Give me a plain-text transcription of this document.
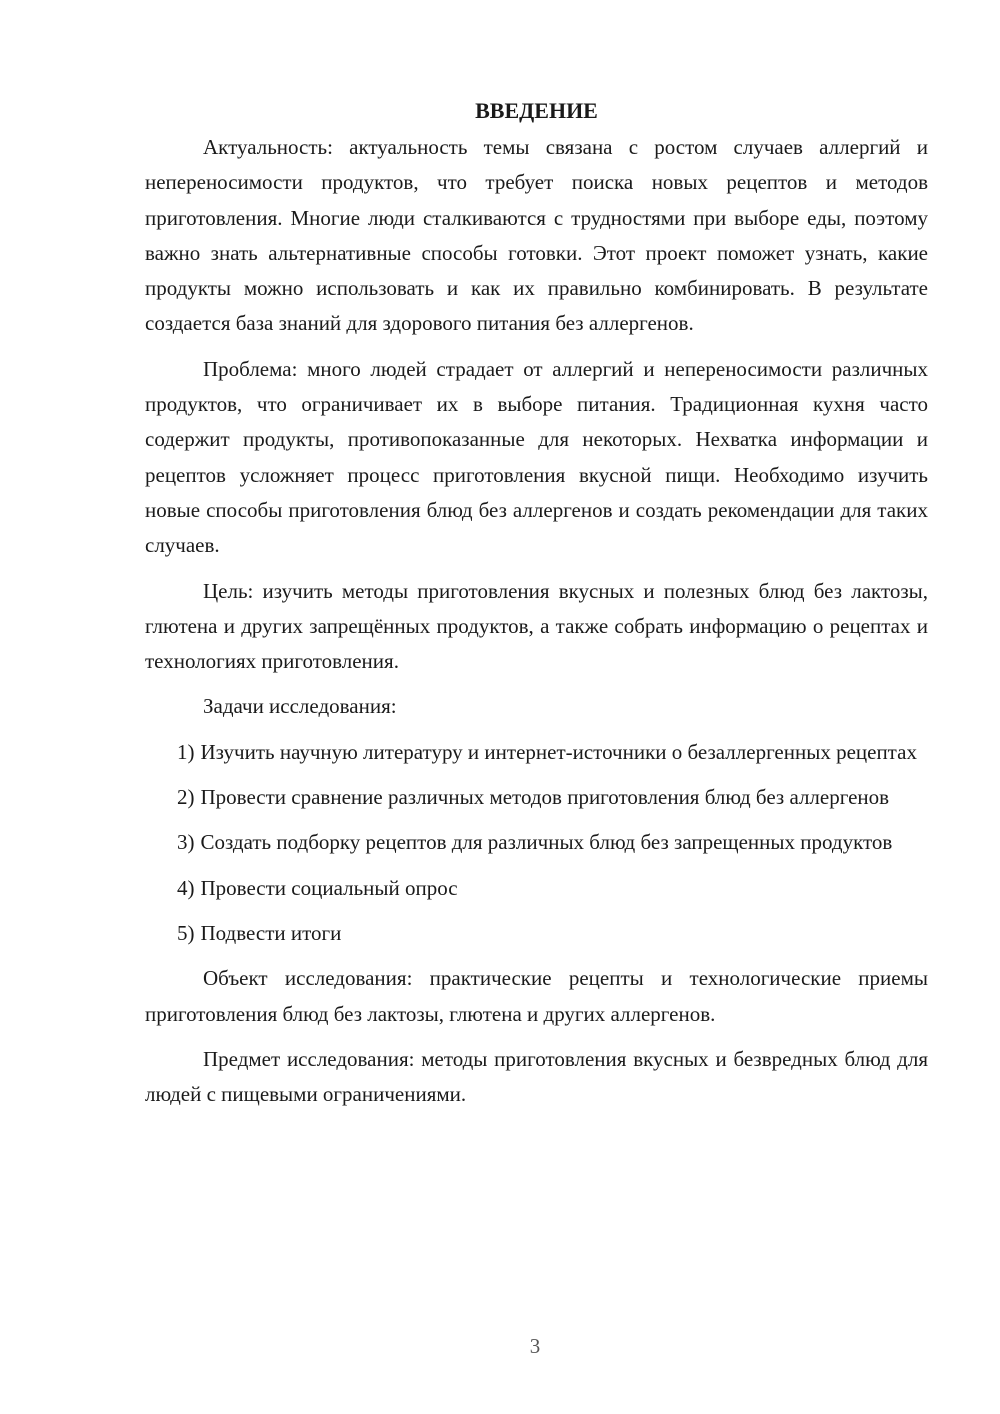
ВВЕДЕНИЕ

Актуальность: актуальность темы связана с ростом случаев аллергий и непереносимости продуктов, что требует поиска новых рецептов и методов приготовления. Многие люди сталкиваются с трудностями при выборе еды, поэтому важно знать альтернативные способы готовки. Этот проект поможет узнать, какие продукты можно использовать и как их правильно комбинировать. В результате создается база знаний для здорового питания без аллергенов.

Проблема: много людей страдает от аллергий и непереносимости различных продуктов, что ограничивает их в выборе питания. Традиционная кухня часто содержит продукты, противопоказанные для некоторых. Нехватка информации и рецептов усложняет процесс приготовления вкусной пищи. Необходимо изучить новые способы приготовления блюд без аллергенов и создать рекомендации для таких случаев.

Цель: изучить методы приготовления вкусных и полезных блюд без лактозы, глютена и других запрещённых продуктов, а также собрать информацию о рецептах и технологиях приготовления.

Задачи исследования:

1) Изучить научную литературу и интернет-источники о безаллергенных рецептах
2) Провести сравнение различных методов приготовления блюд без аллергенов
3) Создать подборку рецептов для различных блюд без запрещенных продуктов
4) Провести социальный опрос
5) Подвести итоги

Объект исследования: практические рецепты и технологические приемы приготовления блюд без лактозы, глютена и других аллергенов.

Предмет исследования: методы приготовления вкусных и безвредных блюд для людей с пищевыми ограничениями.

3
